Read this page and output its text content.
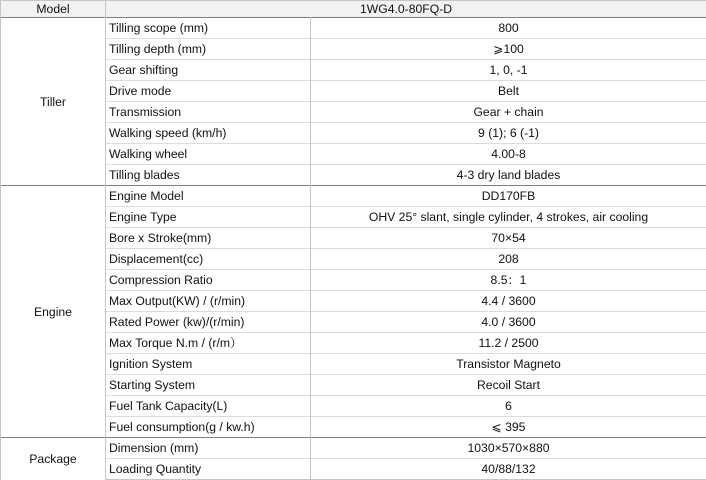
Model	1WG4.0-80FQ-D	
Tiller	Tilling scope (mm)	800
	Tilling depth (mm)	⩾100
	Gear shifting	1, 0, -1
	Drive mode	Belt
	Transmission	Gear + chain
	Walking speed (km/h)	9 (1); 6 (-1)
	Walking wheel	4.00-8
	Tilling blades	4-3 dry land blades
Engine	Engine Model	DD170FB
	Engine Type	OHV 25° slant, single cylinder, 4 strokes, air cooling
	Bore x Stroke(mm)	70×54
	Displacement(cc)	208
	Compression Ratio	8.5：1
	Max Output(KW) / (r/min)	4.4 / 3600
	Rated Power (kw)/(r/min)	4.0 / 3600
	Max Torque N.m / (r/m）	11.2 / 2500
	Ignition System	Transistor Magneto
	Starting System	Recoil Start
	Fuel Tank Capacity(L)	6
	Fuel consumption(g / kw.h)	⩽ 395
Package	Dimension (mm)	1030×570×880
	Loading Quantity	40/88/132
